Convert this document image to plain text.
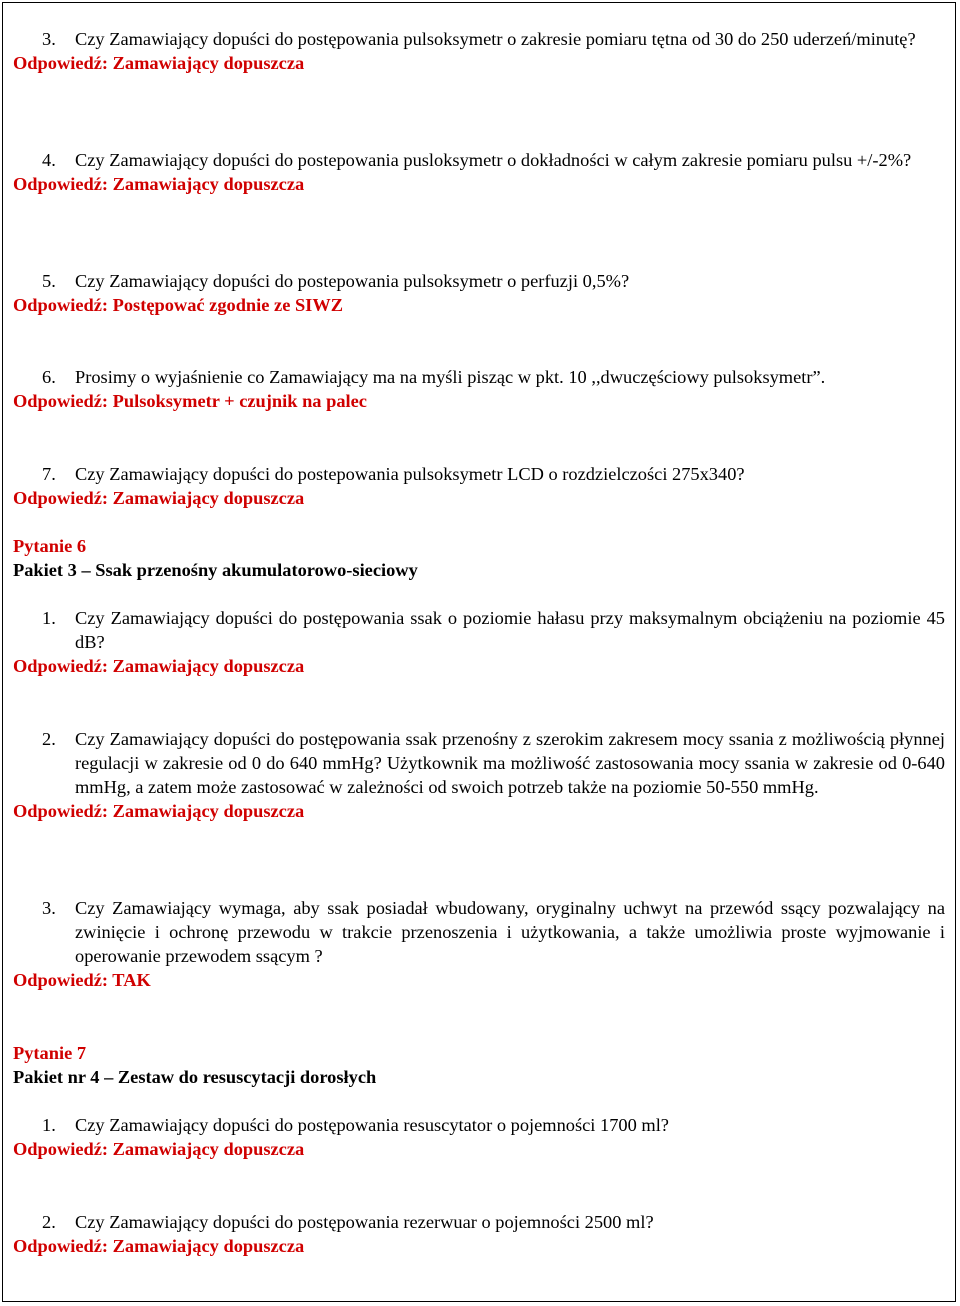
3. Czy Zamawiający dopuści do postępowania pulsoksymetr o zakresie pomiaru tętna od 30 do 250 uderzeń/minutę?
Odpowiedź: Zamawiający dopuszcza
4. Czy Zamawiający dopuści do postepowania pusloksymetr o dokładności w całym zakresie pomiaru pulsu +/-2%?
Odpowiedź: Zamawiający dopuszcza
5. Czy Zamawiający dopuści do postepowania pulsoksymetr o perfuzji 0,5%?
Odpowiedź: Postępować zgodnie ze SIWZ
6. Prosimy o wyjaśnienie co Zamawiający ma na myśli pisząc w pkt. 10 ,,dwuczęściowy pulsoksymetr”.
Odpowiedź: Pulsoksymetr + czujnik na palec
7. Czy Zamawiający dopuści do postepowania pulsoksymetr LCD o rozdzielczości 275x340?
Odpowiedź: Zamawiający dopuszcza
Pytanie 6
Pakiet 3 – Ssak przenośny akumulatorowo-sieciowy
1. Czy Zamawiający dopuści do postępowania ssak o poziomie hałasu przy maksymalnym obciążeniu na poziomie 45 dB?
Odpowiedź: Zamawiający dopuszcza
2. Czy Zamawiający dopuści do postępowania ssak przenośny z szerokim zakresem mocy ssania z możliwością płynnej regulacji w zakresie od 0 do 640 mmHg? Użytkownik ma możliwość zastosowania mocy ssania w zakresie od 0-640 mmHg, a zatem może zastosować w zależności od swoich potrzeb także na poziomie 50-550 mmHg.
Odpowiedź: Zamawiający dopuszcza
3. Czy Zamawiający wymaga, aby ssak posiadał wbudowany, oryginalny uchwyt na przewód ssący pozwalający na zwinięcie i ochronę przewodu w trakcie przenoszenia i użytkowania, a także umożliwia proste wyjmowanie i operowanie przewodem ssącym ?
Odpowiedź: TAK
Pytanie 7
Pakiet nr 4 – Zestaw do resuscytacji dorosłych
1. Czy Zamawiający dopuści do postępowania resuscytator o pojemności 1700 ml?
Odpowiedź: Zamawiający dopuszcza
2. Czy Zamawiający dopuści do postępowania rezerwuar o pojemności 2500 ml?
Odpowiedź: Zamawiający dopuszcza
